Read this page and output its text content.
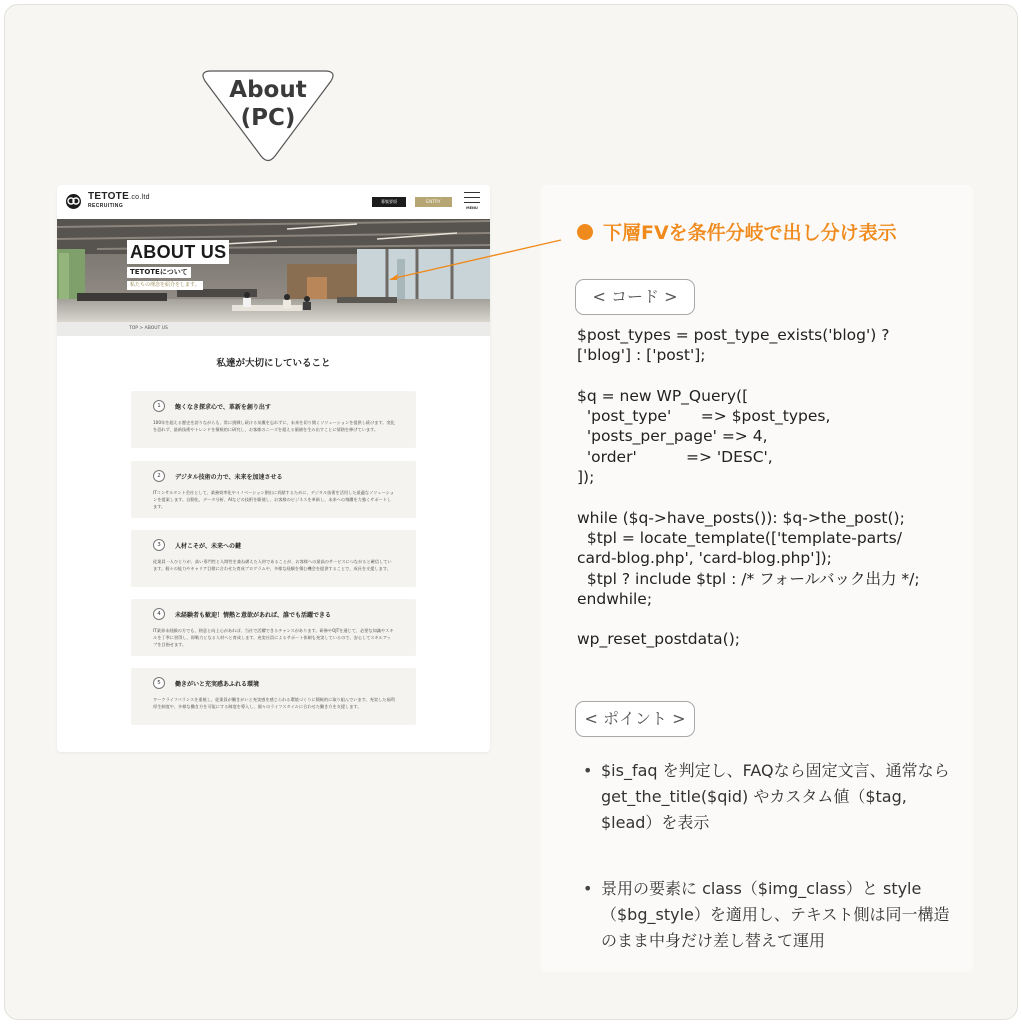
About
(PC)
TETOTE.co.ltd
RECRUITING
募集要項	ENTRY
MENU
ABOUT US
TETOTEについて
私たちの理念を紹介をします。
TOP > ABOUT US
私達が大切にしていること
1	飽くなき探求心で、革新を創り出す
100年を超える歴史を誇りながらも、常に挑戦し続ける気概を忘れずに、未来を切り開くソリューションを提供し続けます。変化を恐れず、最新技術やトレンドを積極的に研究し、お客様のニーズを超える価値を生み出すことに情熱を捧げています。
2	デジタル技術の力で、未来を加速させる
ITコンサルタント会社として、業務効率化やイノベーション創出に貢献するために、デジタル技術を活用した最適なソリューションを提案します。自動化、データ分析、AIなどの技術を駆使し、お客様のビジネスを革新し、未来への飛躍を力強くサポートします。
3	人材こそが、未来への鍵
従業員一人ひとりが、高い専門性と人間性を兼ね備えた人材であることが、お客様への最高のサービスにつながると確信しています。個々の能力やキャリア目標に合わせた育成プログラムや、多様な経験を積む機会を提供することで、成長を支援します。
4	未経験者も歓迎！情熱と意欲があれば、誰でも活躍できる
IT業界未経験の方でも、熱意と向上心があれば、当社で活躍できるチャンスがあります。研修やOJTを通じて、必要な知識やスキルを丁寧に習得し、即戦力となる人材へと育成します。充実社員によるサポート体制も充実しているので、安心してスキルアップを目指せます。
5	働きがいと充実感あふれる環境
ワークライフバランスを重視し、従業員が働きがいと充実感を感じられる環境づくりに積極的に取り組んでいます。充実した福利厚生制度や、多様な働き方を可能にする制度を導入し、個々のライフスタイルに合わせた働き方を支援します。
< コード >
$post_types = post_type_exists('blog') ?
['blog'] : ['post'];

$q = new WP_Query([
'post_type'      => $post_types,
'posts_per_page' => 4,
'order'          => 'DESC',
]);

while ($q->have_posts()): $q->the_post();
$tpl = locate_template(['template-parts/
card-blog.php', 'card-blog.php']);
$tpl ? include $tpl : /* フォールバック出力 */;
endwhile;

wp_reset_postdata();
< ポイント >
• $is_faq を判定し、FAQなら固定文言、通常なら get_the_title($qid) やカスタム値（$tag, $lead）を表示
• 景用の要素に class（$img_class）と style（$bg_style）を適用し、テキスト側は同一構造のまま中身だけ差し替えて運用
下層FVを条件分岐で出し分け表示
